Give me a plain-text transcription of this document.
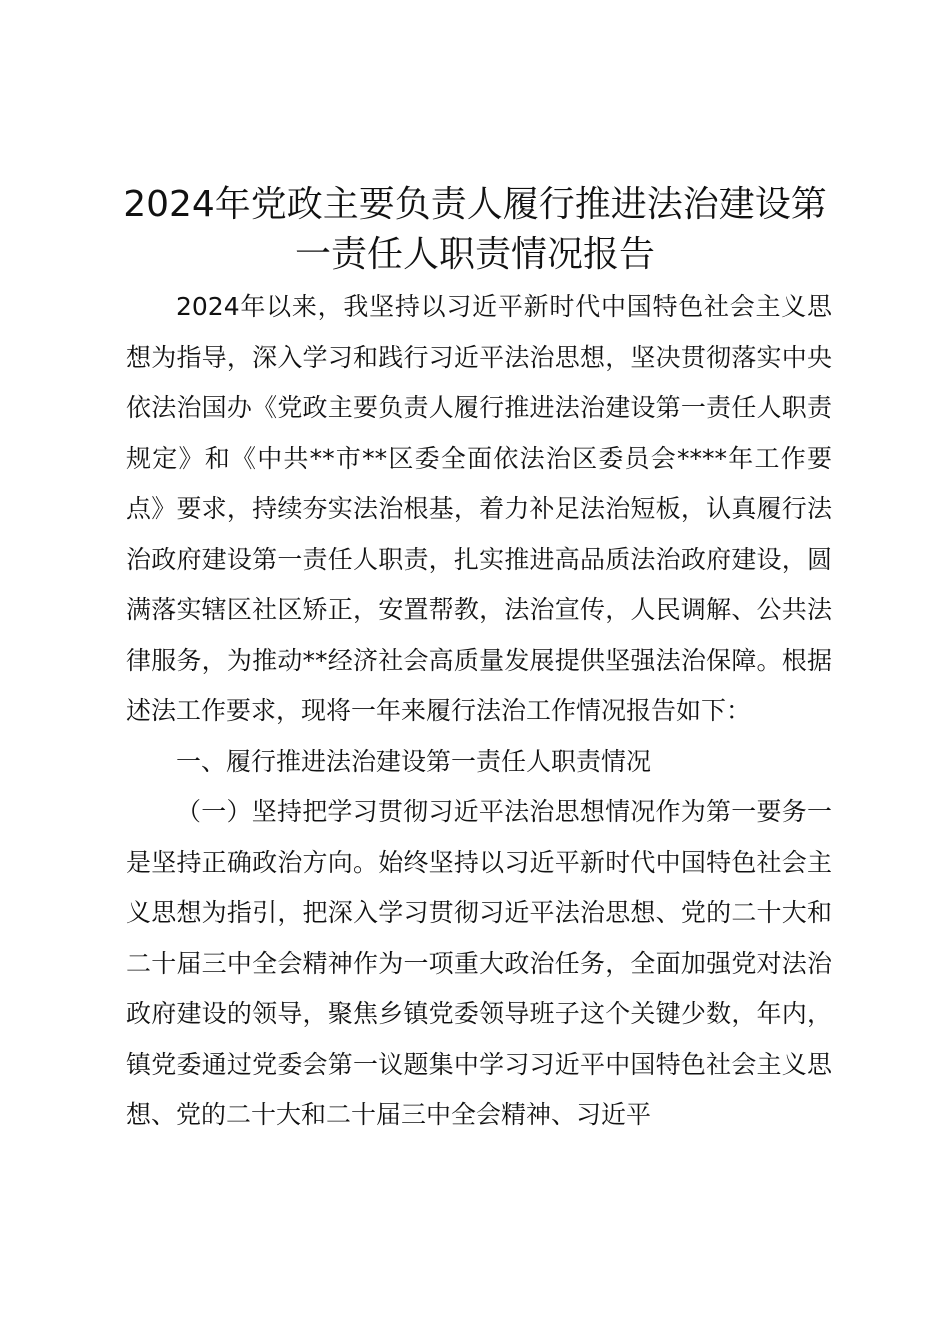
2024年党政主要负责人履行推进法治建设第
一责任人职责情况报告

2024年以来，我坚持以习近平新时代中国特色社会主义思想为指导，深入学习和践行习近平法治思想，坚决贯彻落实中央依法治国办《党政主要负责人履行推进法治建设第一责任人职责规定》和《中共**市**区委全面依法治区委员会****年工作要点》要求，持续夯实法治根基，着力补足法治短板，认真履行法治政府建设第一责任人职责，扎实推进高品质法治政府建设，圆满落实辖区社区矫正，安置帮教，法治宣传，人民调解、公共法律服务，为推动**经济社会高质量发展提供坚强法治保障。根据述法工作要求，现将一年来履行法治工作情况报告如下：

一、履行推进法治建设第一责任人职责情况

（一）坚持把学习贯彻习近平法治思想情况作为第一要务一是坚持正确政治方向。始终坚持以习近平新时代中国特色社会主义思想为指引，把深入学习贯彻习近平法治思想、党的二十大和二十届三中全会精神作为一项重大政治任务，全面加强党对法治政府建设的领导，聚焦乡镇党委领导班子这个关键少数，年内，镇党委通过党委会第一议题集中学习习近平中国特色社会主义思想、党的二十大和二十届三中全会精神、习近平
